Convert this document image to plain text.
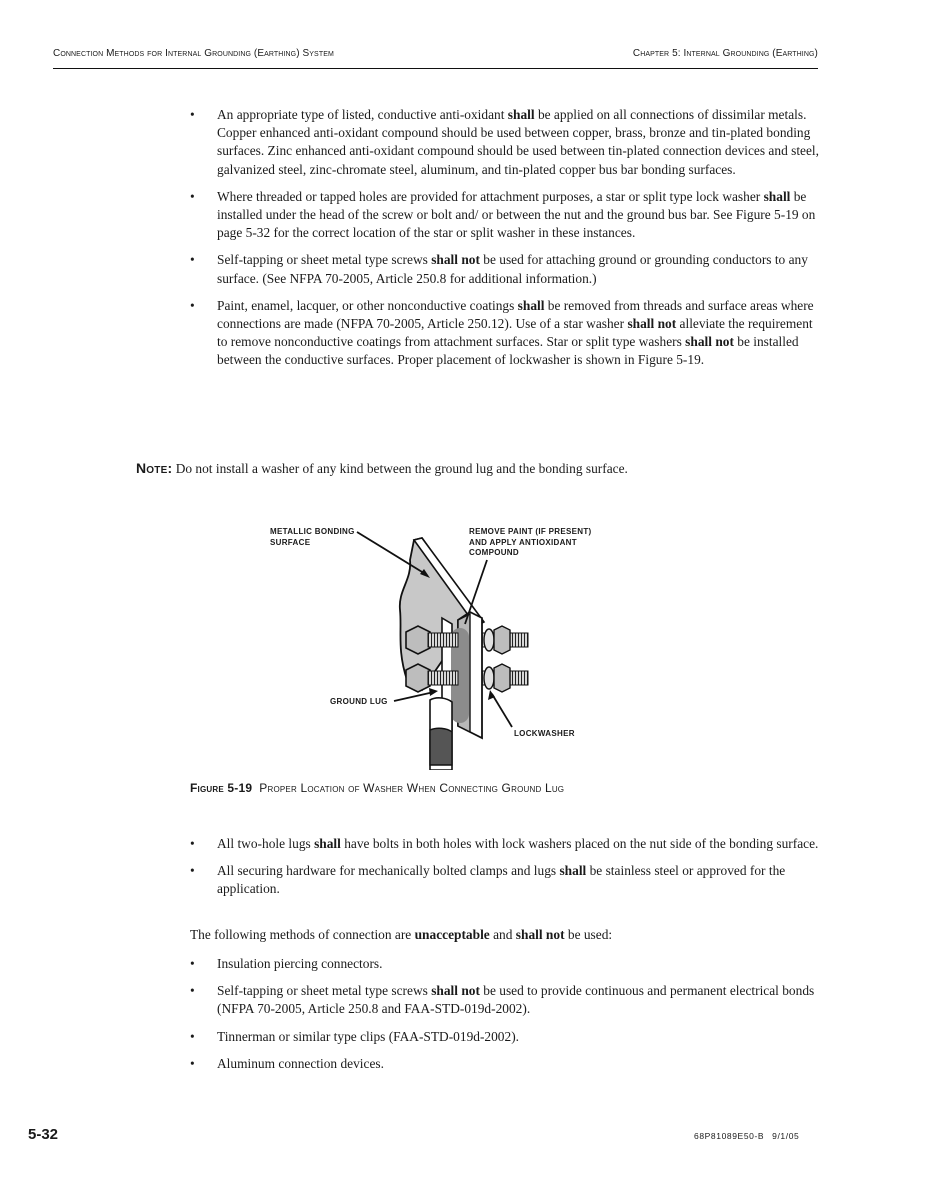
Connection Methods for Internal Grounding (Earthing) System	Chapter 5: Internal Grounding (Earthing)
• An appropriate type of listed, conductive anti-oxidant shall be applied on all connections of dissimilar metals. Copper enhanced anti-oxidant compound should be used between copper, brass, bronze and tin-plated bonding surfaces. Zinc enhanced anti-oxidant compound should be used between tin-plated connection devices and steel, galvanized steel, zinc-chromate steel, aluminum, and tin-plated copper bus bar bonding surfaces.
• Where threaded or tapped holes are provided for attachment purposes, a star or split type lock washer shall be installed under the head of the screw or bolt and/ or between the nut and the ground bus bar. See Figure 5-19 on page 5-32 for the correct location of the star or split washer in these instances.
• Self-tapping or sheet metal type screws shall not be used for attaching ground or grounding conductors to any surface. (See NFPA 70-2005, Article 250.8 for additional information.)
• Paint, enamel, lacquer, or other nonconductive coatings shall be removed from threads and surface areas where connections are made (NFPA 70-2005, Article 250.12). Use of a star washer shall not alleviate the requirement to remove nonconductive coatings from attachment surfaces. Star or split type washers shall not be installed between the conductive surfaces. Proper placement of lockwasher is shown in Figure 5-19.
Note: Do not install a washer of any kind between the ground lug and the bonding surface.
METALLIC BONDING
SURFACE
REMOVE PAINT (IF PRESENT)
AND APPLY ANTIOXIDANT
COMPOUND
GROUND LUG
LOCKWASHER
Figure 5-19 Proper Location of Washer When Connecting Ground Lug
• All two-hole lugs shall have bolts in both holes with lock washers placed on the nut side of the bonding surface.
• All securing hardware for mechanically bolted clamps and lugs shall be stainless steel or approved for the application.
The following methods of connection are unacceptable and shall not be used:
• Insulation piercing connectors.
• Self-tapping or sheet metal type screws shall not be used to provide continuous and permanent electrical bonds (NFPA 70-2005, Article 250.8 and FAA-STD-019d-2002).
• Tinnerman or similar type clips (FAA-STD-019d-2002).
• Aluminum connection devices.
5-32	68P81089E50-B 9/1/05
